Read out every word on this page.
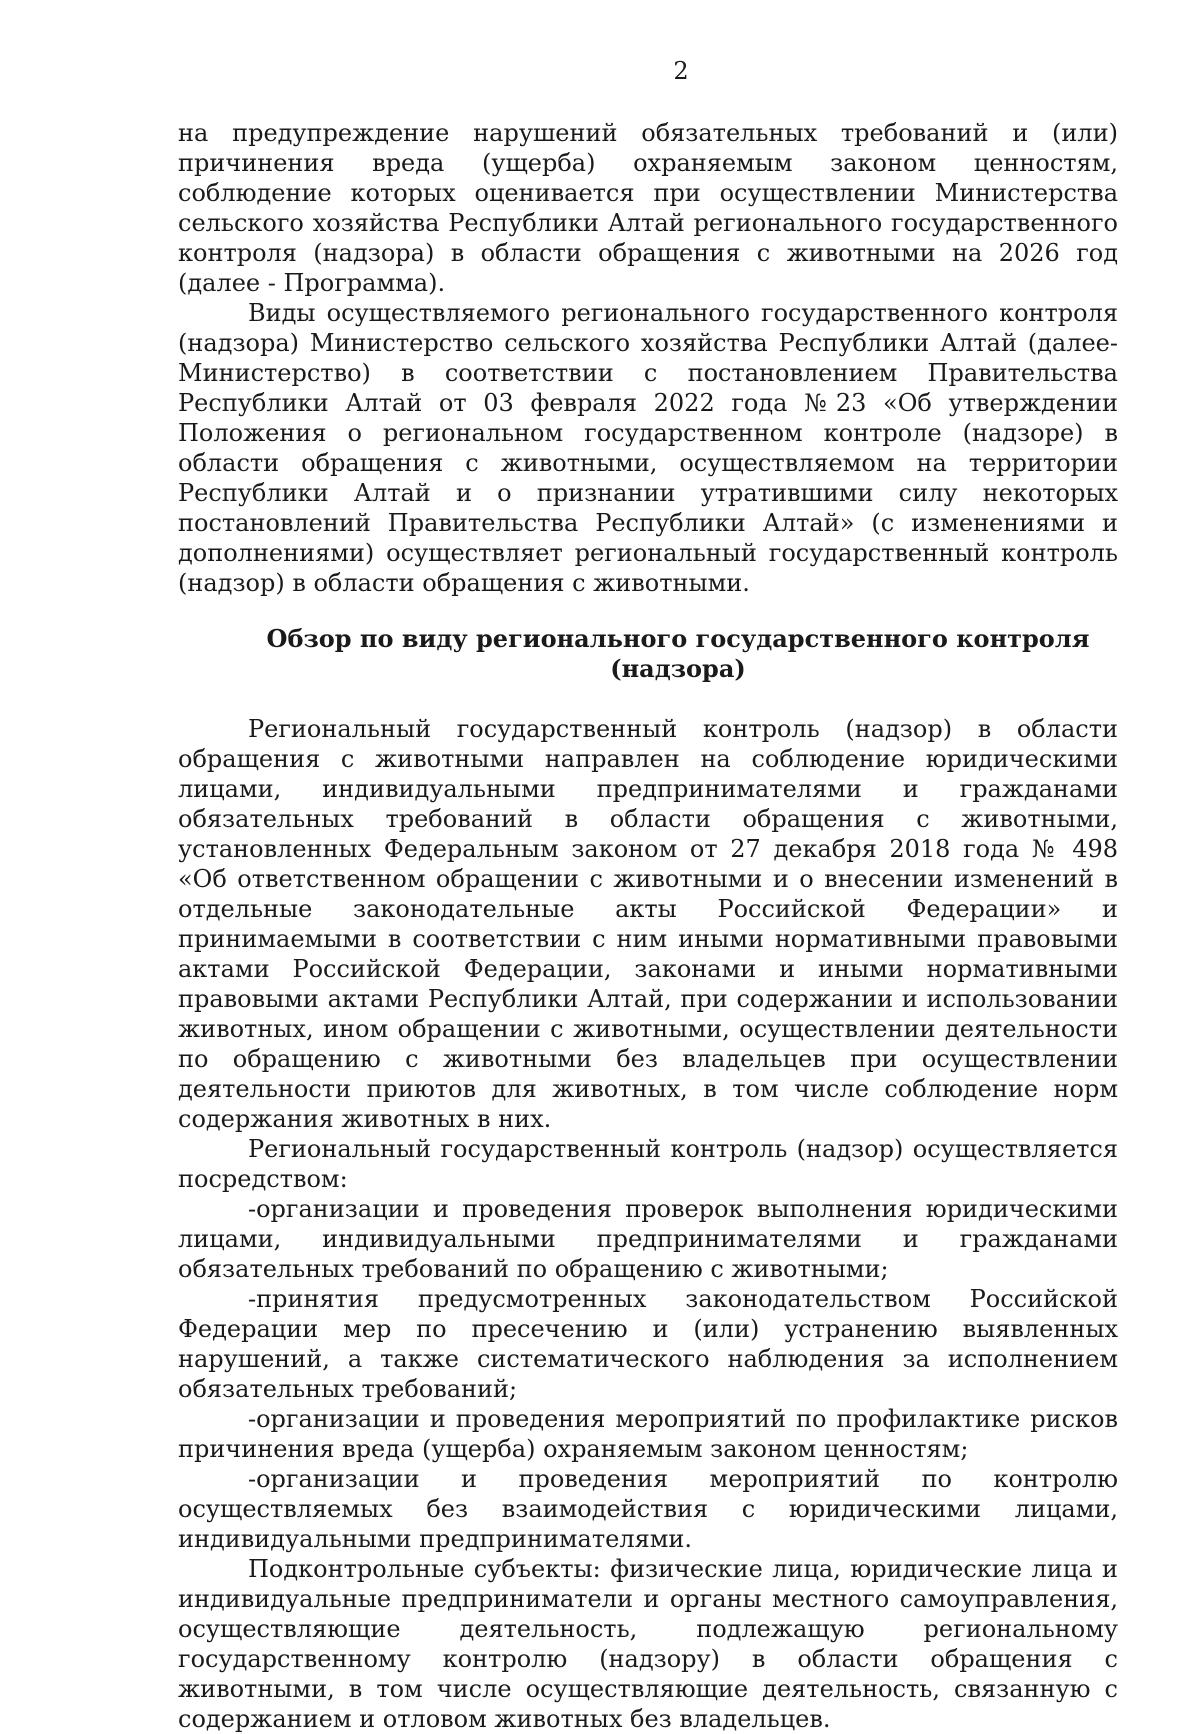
2

на предупреждение нарушений обязательных требований и (или) причинения вреда (ущерба) охраняемым законом ценностям, соблюдение которых оценивается при осуществлении Министерства сельского хозяйства Республики Алтай регионального государственного контроля (надзора) в области обращения с животными на 2026 год (далее - Программа).

Виды осуществляемого регионального государственного контроля (надзора) Министерство сельского хозяйства Республики Алтай (далее- Министерство) в соответствии с постановлением Правительства Республики Алтай от 03 февраля 2022 года №23 «Об утверждении Положения о региональном государственном контроле (надзоре) в области обращения с животными, осуществляемом на территории Республики Алтай и о признании утратившими силу некоторых постановлений Правительства Республики Алтай» (с изменениями и дополнениями) осуществляет региональный государственный контроль (надзор) в области обращения с животными.

Обзор по виду регионального государственного контроля (надзора)

Региональный государственный контроль (надзор) в области обращения с животными направлен на соблюдение юридическими лицами, индивидуальными предпринимателями и гражданами обязательных требований в области обращения с животными, установленных Федеральным законом от 27 декабря 2018 года № 498 «Об ответственном обращении с животными и о внесении изменений в отдельные законодательные акты Российской Федерации» и принимаемыми в соответствии с ним иными нормативными правовыми актами Российской Федерации, законами и иными нормативными правовыми актами Республики Алтай, при содержании и использовании животных, ином обращении с животными, осуществлении деятельности по обращению с животными без владельцев при осуществлении деятельности приютов для животных, в том числе соблюдение норм содержания животных в них.

Региональный государственный контроль (надзор) осуществляется посредством:

-организации и проведения проверок выполнения юридическими лицами, индивидуальными предпринимателями и гражданами обязательных требований по обращению с животными;

-принятия предусмотренных законодательством Российской Федерации мер по пресечению и (или) устранению выявленных нарушений, а также систематического наблюдения за исполнением обязательных требований;

-организации и проведения мероприятий по профилактике рисков причинения вреда (ущерба) охраняемым законом ценностям;

-организации и проведения мероприятий по контролю осуществляемых без взаимодействия с юридическими лицами, индивидуальными предпринимателями.

Подконтрольные субъекты: физические лица, юридические лица и индивидуальные предприниматели и органы местного самоуправления, осуществляющие деятельность, подлежащую региональному государственному контролю (надзору) в области обращения с животными, в том числе осуществляющие деятельность, связанную с содержанием и отловом животных без владельцев.
